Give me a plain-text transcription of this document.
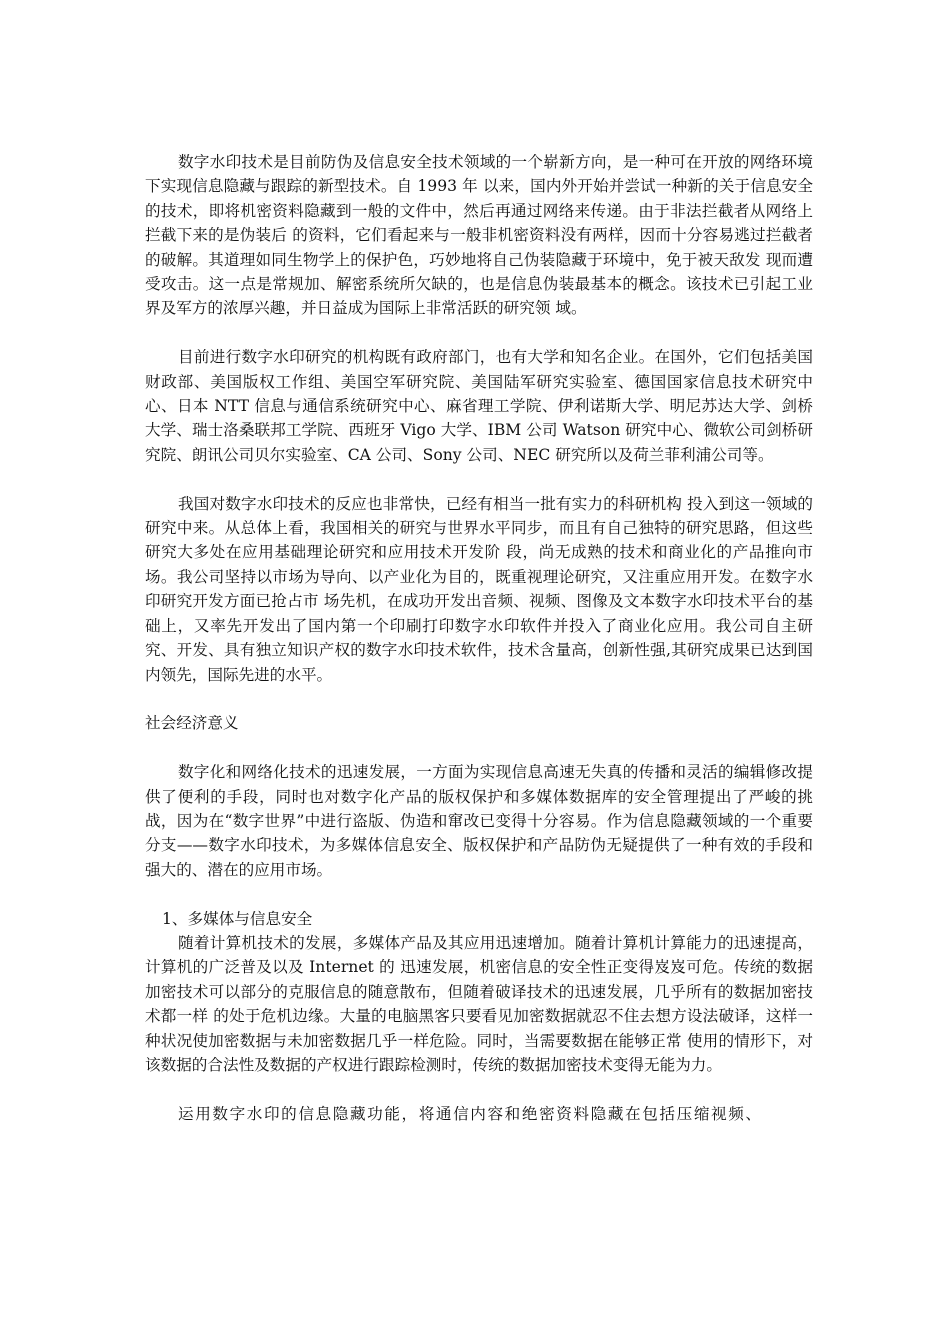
数字水印技术是目前防伪及信息安全技术领域的一个崭新方向，是一种可在开放的网络环境下实现信息隐藏与跟踪的新型技术。自 1993 年 以来，国内外开始并尝试一种新的关于信息安全的技术，即将机密资料隐藏到一般的文件中，然后再通过网络来传递。由于非法拦截者从网络上拦截下来的是伪装后 的资料，它们看起来与一般非机密资料没有两样，因而十分容易逃过拦截者的破解。其道理如同生物学上的保护色，巧妙地将自己伪装隐藏于环境中，免于被天敌发 现而遭受攻击。这一点是常规加、解密系统所欠缺的，也是信息伪装最基本的概念。该技术已引起工业界及军方的浓厚兴趣，并日益成为国际上非常活跃的研究领 域。

目前进行数字水印研究的机构既有政府部门，也有大学和知名企业。在国外，它们包括美国财政部、美国版权工作组、美国空军研究院、美国陆军研究实验室、德国国家信息技术研究中心、日本 NTT 信息与通信系统研究中心、麻省理工学院、伊利诺斯大学、明尼苏达大学、剑桥大学、瑞士洛桑联邦工学院、西班牙 Vigo 大学、IBM 公司 Watson 研究中心、微软公司剑桥研究院、朗讯公司贝尔实验室、CA 公司、Sony 公司、NEC 研究所以及荷兰菲利浦公司等。

我国对数字水印技术的反应也非常快，已经有相当一批有实力的科研机构 投入到这一领域的研究中来。从总体上看，我国相关的研究与世界水平同步，而且有自己独特的研究思路，但这些研究大多处在应用基础理论研究和应用技术开发阶 段，尚无成熟的技术和商业化的产品推向市场。我公司坚持以市场为导向、以产业化为目的，既重视理论研究，又注重应用开发。在数字水印研究开发方面已抢占市 场先机，在成功开发出音频、视频、图像及文本数字水印技术平台的基础上，又率先开发出了国内第一个印刷打印数字水印软件并投入了商业化应用。我公司自主研 究、开发、具有独立知识产权的数字水印技术软件，技术含量高，创新性强,其研究成果已达到国内领先，国际先进的水平。

社会经济意义

数字化和网络化技术的迅速发展，一方面为实现信息高速无失真的传播和灵活的编辑修改提供了便利的手段，同时也对数字化产品的版权保护和多媒体数据库的安全管理提出了严峻的挑战，因为在“数字世界”中进行盗版、伪造和窜改已变得十分容易。作为信息隐藏领域的一个重要分支——数字水印技术，为多媒体信息安全、版权保护和产品防伪无疑提供了一种有效的手段和强大的、潜在的应用市场。

1、多媒体与信息安全

随着计算机技术的发展，多媒体产品及其应用迅速增加。随着计算机计算能力的迅速提高，计算机的广泛普及以及 Internet 的 迅速发展，机密信息的安全性正变得岌岌可危。传统的数据加密技术可以部分的克服信息的随意散布，但随着破译技术的迅速发展，几乎所有的数据加密技术都一样 的处于危机边缘。大量的电脑黑客只要看见加密数据就忍不住去想方设法破译，这样一种状况使加密数据与未加密数据几乎一样危险。同时，当需要数据在能够正常 使用的情形下，对该数据的合法性及数据的产权进行跟踪检测时，传统的数据加密技术变得无能为力。

运用数字水印的信息隐藏功能，将通信内容和绝密资料隐藏在包括压缩视频、
